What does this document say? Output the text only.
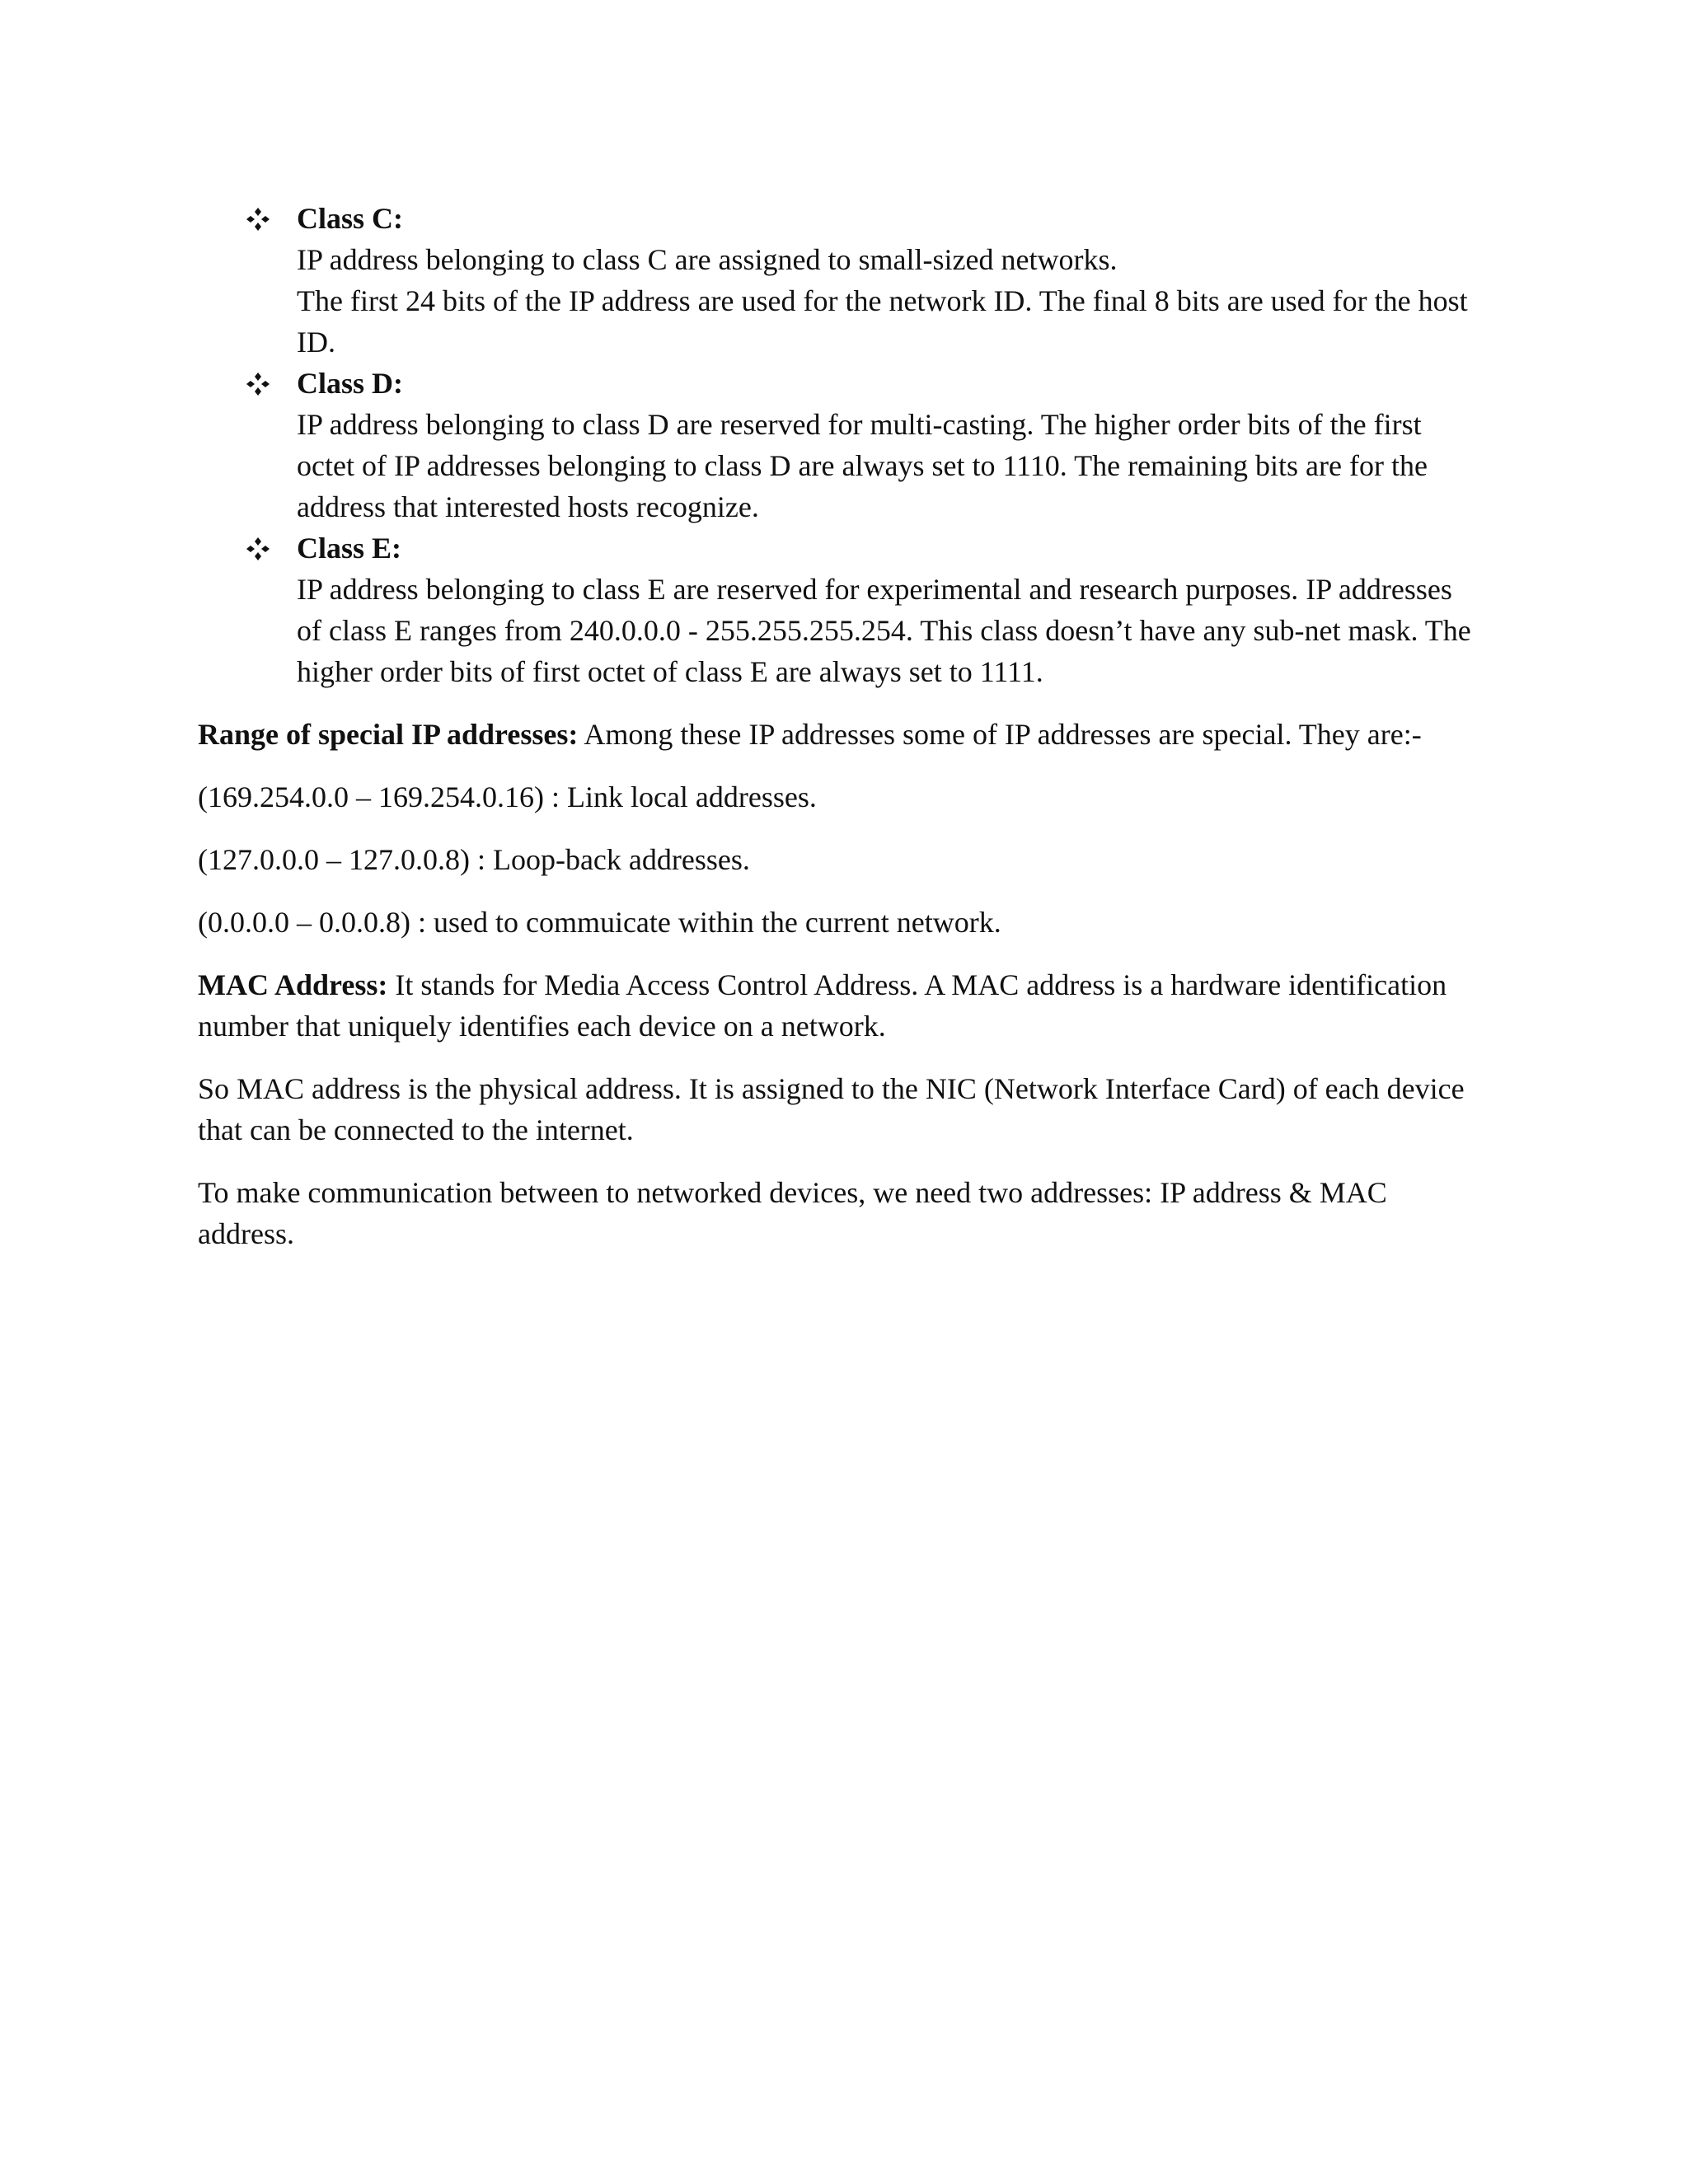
Class C:
IP address belonging to class C are assigned to small-sized networks.
The first 24 bits of the IP address are used for the network ID. The final 8 bits are used for the host ID.
Class D:
IP address belonging to class D are reserved for multi-casting. The higher order bits of the first octet of IP addresses belonging to class D are always set to 1110. The remaining bits are for the address that interested hosts recognize.
Class E:
IP address belonging to class E are reserved for experimental and research purposes. IP addresses of class E ranges from 240.0.0.0 - 255.255.255.254. This class doesn’t have any sub-net mask. The higher order bits of first octet of class E are always set to 1111.

Range of special IP addresses: Among these IP addresses some of IP addresses are special. They are:-

(169.254.0.0 – 169.254.0.16) : Link local addresses.

(127.0.0.0 – 127.0.0.8) : Loop-back addresses.

(0.0.0.0 – 0.0.0.8) : used to commuicate within the current network.

MAC Address: It stands for Media Access Control Address. A MAC address is a hardware identification number that uniquely identifies each device on a network.

So MAC address is the physical address. It is assigned to the NIC (Network Interface Card) of each device that can be connected to the internet.

To make communication between to networked devices, we need two addresses: IP address & MAC address.
